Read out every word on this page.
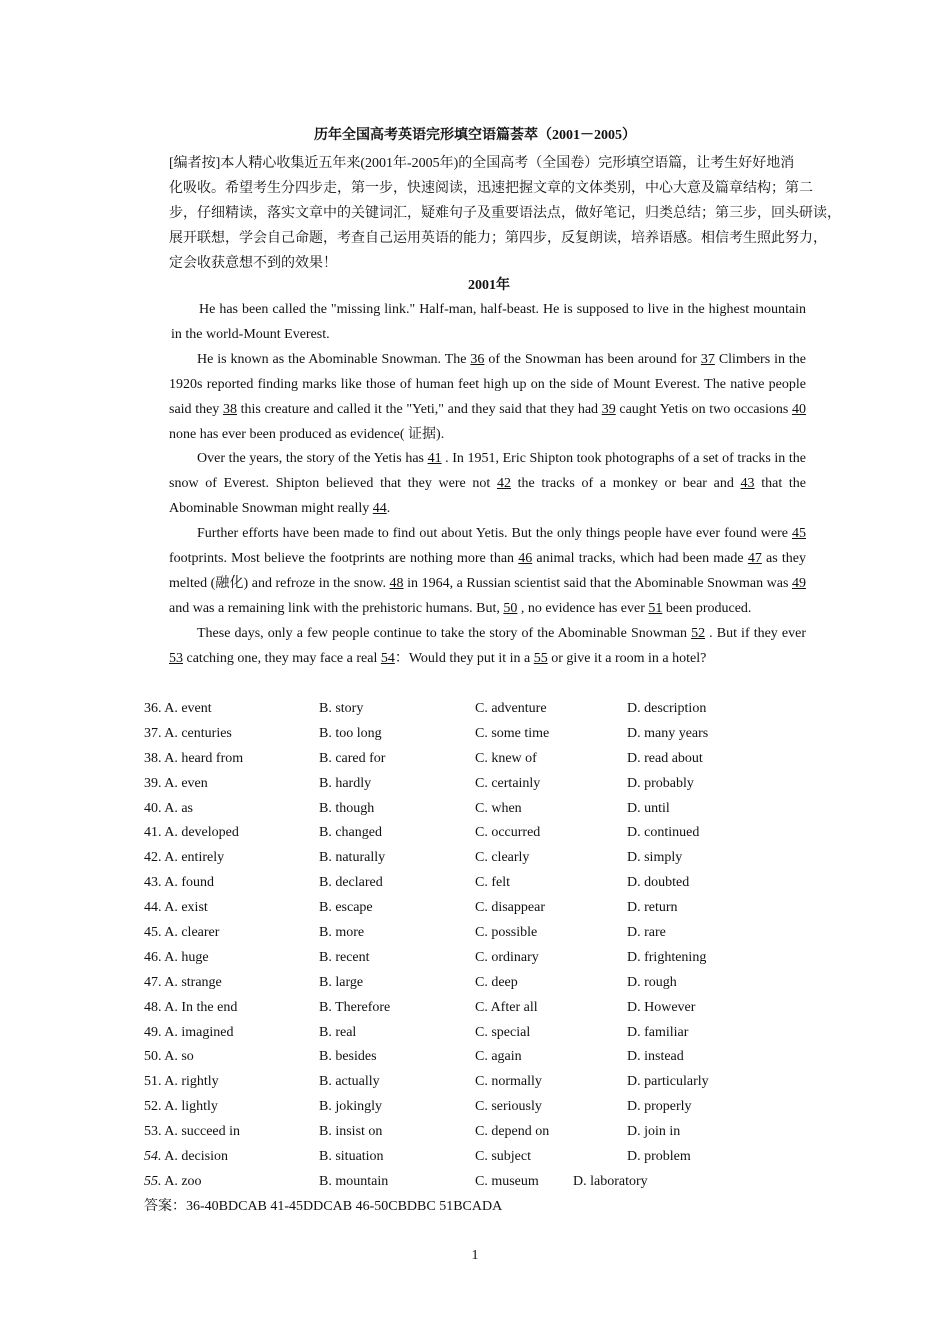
历年全国高考英语完形填空语篇荟萃（2001－2005）
[编者按]本人精心收集近五年来(2001年-2005年)的全国高考（全国卷）完形填空语篇，让考生好好地消
化吸收。希望考生分四步走，第一步，快速阅读，迅速把握文章的文体类别，中心大意及篇章结构；第二
步，仔细精读，落实文章中的关键词汇，疑难句子及重要语法点，做好笔记，归类总结；第三步，回头研读，
展开联想，学会自己命题，考查自己运用英语的能力；第四步，反复朗读，培养语感。相信考生照此努力，
定会收获意想不到的效果！
2001年

He has been called the "missing link." Half-man, half-beast. He is supposed to live in the highest mountain in the world-Mount Everest.

He is known as the Abominable Snowman. The 36 of the Snowman has been around for 37 Climbers in the 1920s reported finding marks like those of human feet high up on the side of Mount Everest. The native people said they 38 this creature and called it the "Yeti," and they said that they had 39 caught Yetis on two occasions 40 none has ever been produced as evidence( 证据).

Over the years, the story of the Yetis has 41 . In 1951, Eric Shipton took photographs of a set of tracks in the snow of Everest. Shipton believed that they were not 42 the tracks of a monkey or bear and 43 that the Abominable Snowman might really 44.

Further efforts have been made to find out about Yetis. But the only things people have ever found were 45 footprints. Most believe the footprints are nothing more than 46 animal tracks, which had been made 47 as they melted (融化) and refroze in the snow. 48 in 1964, a Russian scientist said that the Abominable Snowman was 49 and was a remaining link with the prehistoric humans. But, 50 , no evidence has ever 51 been produced.

These days, only a few people continue to take the story of the Abominable Snowman 52 . But if they ever 53 catching one, they may face a real 54：Would they put it in a 55 or give it a room in a hotel?

36. A. event	B. story	C. adventure	D. description
37. A. centuries	B. too long	C. some time	D. many years
38. A. heard from	B. cared for	C. knew of	D. read about
39. A. even	B. hardly	C. certainly	D. probably
40. A. as	B. though	C. when	D. until
41. A. developed	B. changed	C. occurred	D. continued
42. A. entirely	B. naturally	C. clearly	D. simply
43. A. found	B. declared	C. felt	D. doubted
44. A. exist	B. escape	C. disappear	D. return
45. A. clearer	B. more	C. possible	D. rare
46. A. huge	B. recent	C. ordinary	D. frightening
47. A. strange	B. large	C. deep	D. rough
48. A. In the end	B. Therefore	C. After all	D. However
49. A. imagined	B. real	C. special	D. familiar
50. A. so	B. besides	C. again	D. instead
51. A. rightly	B. actually	C. normally	D. particularly
52. A. lightly	B. jokingly	C. seriously	D. properly
53. A. succeed in	B. insist on	C. depend on	D. join in
54. A. decision	B. situation	C. subject	D. problem
55. A. zoo	B. mountain	C. museum D. laboratory
答案：36-40BDCAB 41-45DDCAB 46-50CBDBC 51BCADA
1
